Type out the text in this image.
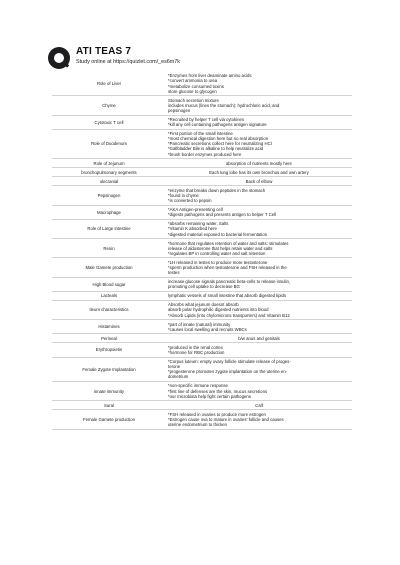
ATI TEAS 7
Study online at https://quizlet.com/_es6m7k
Role of Liver	*Enzymes from liver deaminate amino acids
*convert ammonia to urea
*metabolize consumed toxins
store glucose to glycogen
Chyme	Stomach secretion mixture
includes mucus (lines the stomach): hydrochloric acid, and
pepsinogen
Cytotoxic T cell	*Recruited by helper T cell via cytokines
*kill any cell containing pathogens antigen signature
Role of Duodenum	*First portion of the small intestine
*most chemical digestion here but no real absorption
*Pancreatic secretions collect here for neutralizing HCl
*Gallbladder Bile is alkaline to help neutralize acid
*brush border enzymes produced here
Role of Jejunum	absorption of nutrients mostly here
bronchopulmonary segments	Each lung lobe has its own bronchus and own artery
olecranial	Back of elbow
Pepsinogen	*enzyme that breaks down peptides in the stomach
*found in chyme
*is converted to pepsin
Macrophage	*AKA Antigen-presenting cell
*digests pathogens and presents antigen to helper T Cell
Role of Large Intestine	*absorbs remaining water, Salts
*Vitamin K absorbed here
*digested material exposed to bacterial fermentation
Renin	*hormone that regulates retention of water and salts: stimulates
release of aldosterone that helps retain water and salts
*regulates BP in controlling water and salt retention
Male Gamete production	*LH released in testes to produce more testosterone
*sperm production when testosterone and FSH released in the
testes
High Blood sugar	increase glucose signals pancreatic beta-cells to release insulin,
promoting cell uptake to decrease BG
Lacteals	lymphatic vessels of small intestine that absorb digested lipids
Ileum characteristics	Absorbs what jejunum doesnt absorb
absorb polar hydrophilic digested nutrients into blood
*Absorb Lipids (into chylomicrons transporters) and Vitamin B12
Histamines	*part of innate (natural) immunity
*causes local swelling and recruits WBCs
Perineal	b/w anus and genitals
Erythropoietin	*produced in the renal cortex
*hormone for RBC production
Female Zygote Implantation	*Corpus luteum: empty ovary follicle stimulate release of proges-
terone
*progesterone promotes zygote implantation on the uterine en-
dometrium
innate immunity	*non-specific immune response
*first line of defenses are the skin, mucus secretions
*our microbiota help fight certain pathogens
Sural	Calf
Female Gamete production	*FSH released in ovaries to produce more estrogen
*Estrogen cause ova to mature in ovaries' follicle and causes
uterine endometrium to thicken
